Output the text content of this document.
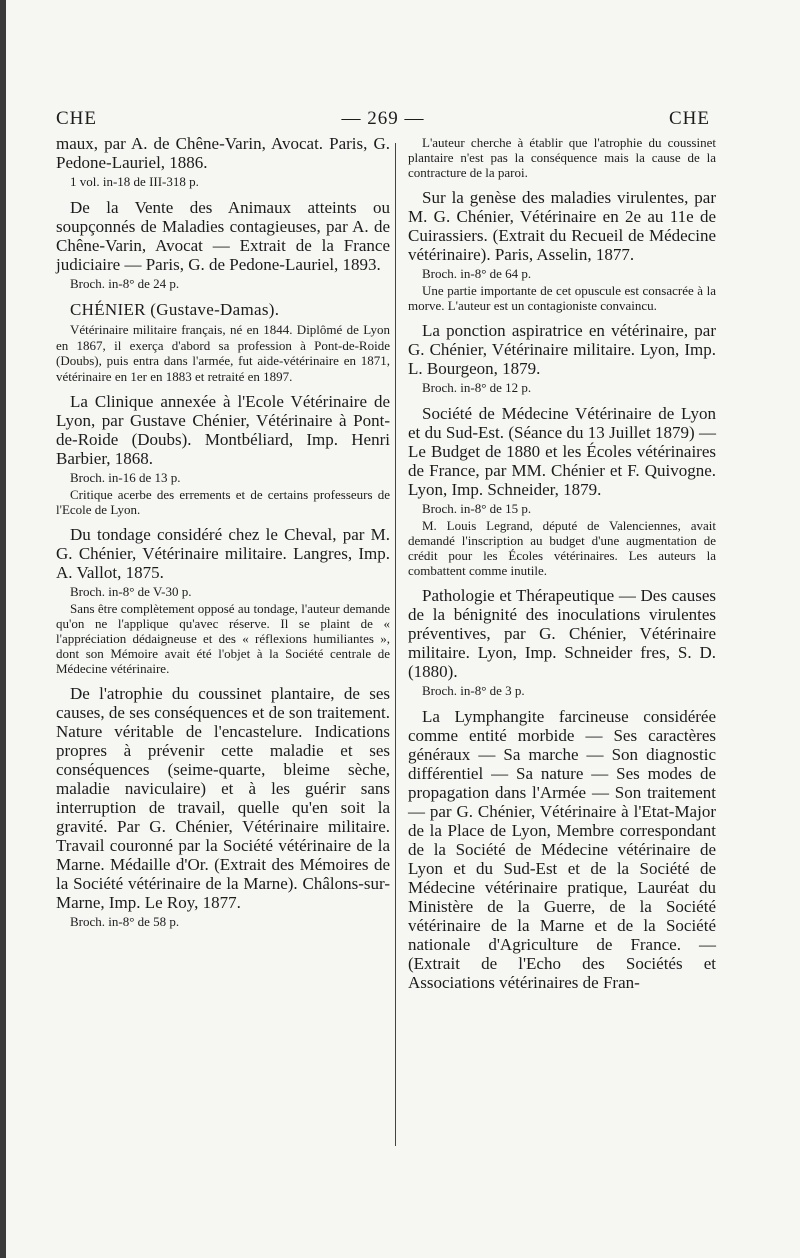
CHE	— 269 —	CHE

maux, par A. de Chêne-Varin, Avocat. Paris, G. Pedone-Lauriel, 1886.

1 vol. in-18 de III-318 p.

De la Vente des Animaux atteints ou soupçonnés de Maladies contagieuses, par A. de Chêne-Varin, Avocat — Extrait de la France judiciaire — Paris, G. de Pedone-Lauriel, 1893.

Broch. in-8° de 24 p.

CHÉNIER (Gustave-Damas).

Vétérinaire militaire français, né en 1844. Diplômé de Lyon en 1867, il exerça d'abord sa profession à Pont-de-Roide (Doubs), puis entra dans l'armée, fut aide-vétérinaire en 1871, vétérinaire en 1er en 1883 et retraité en 1897.

La Clinique annexée à l'Ecole Vétérinaire de Lyon, par Gustave Chénier, Vétérinaire à Pont-de-Roide (Doubs). Montbéliard, Imp. Henri Barbier, 1868.

Broch. in-16 de 13 p.

Critique acerbe des errements et de certains professeurs de l'Ecole de Lyon.

Du tondage considéré chez le Cheval, par M. G. Chénier, Vétérinaire militaire. Langres, Imp. A. Vallot, 1875.

Broch. in-8° de V-30 p.

Sans être complètement opposé au tondage, l'auteur demande qu'on ne l'applique qu'avec réserve. Il se plaint de « l'appréciation dédaigneuse et des « réflexions humiliantes », dont son Mémoire avait été l'objet à la Société centrale de Médecine vétérinaire.

De l'atrophie du coussinet plantaire, de ses causes, de ses conséquences et de son traitement. Nature véritable de l'encastelure. Indications propres à prévenir cette maladie et ses conséquences (seime-quarte, bleime sèche, maladie naviculaire) et à les guérir sans interruption de travail, quelle qu'en soit la gravité. Par G. Chénier, Vétérinaire militaire. Travail couronné par la Société vétérinaire de la Marne. Médaille d'Or. (Extrait des Mémoires de la Société vétérinaire de la Marne). Châlons-sur-Marne, Imp. Le Roy, 1877.

Broch. in-8° de 58 p.

L'auteur cherche à établir que l'atrophie du coussinet plantaire n'est pas la conséquence mais la cause de la contracture de la paroi.

Sur la genèse des maladies virulentes, par M. G. Chénier, Vétérinaire en 2e au 11e de Cuirassiers. (Extrait du Recueil de Médecine vétérinaire). Paris, Asselin, 1877.

Broch. in-8° de 64 p.

Une partie importante de cet opuscule est consacrée à la morve. L'auteur est un contagioniste convaincu.

La ponction aspiratrice en vétérinaire, par G. Chénier, Vétérinaire militaire. Lyon, Imp. L. Bourgeon, 1879.

Broch. in-8° de 12 p.

Société de Médecine Vétérinaire de Lyon et du Sud-Est. (Séance du 13 Juillet 1879) — Le Budget de 1880 et les Écoles vétérinaires de France, par MM. Chénier et F. Quivogne. Lyon, Imp. Schneider, 1879.

Broch. in-8° de 15 p.

M. Louis Legrand, député de Valenciennes, avait demandé l'inscription au budget d'une augmentation de crédit pour les Écoles vétérinaires. Les auteurs la combattent comme inutile.

Pathologie et Thérapeutique — Des causes de la bénignité des inoculations virulentes préventives, par G. Chénier, Vétérinaire militaire. Lyon, Imp. Schneider fres, S. D. (1880).

Broch. in-8° de 3 p.

La Lymphangite farcineuse considérée comme entité morbide — Ses caractères généraux — Sa marche — Son diagnostic différentiel — Sa nature — Ses modes de propagation dans l'Armée — Son traitement — par G. Chénier, Vétérinaire à l'Etat-Major de la Place de Lyon, Membre correspondant de la Société de Médecine vétérinaire de Lyon et du Sud-Est et de la Société de Médecine vétérinaire pratique, Lauréat du Ministère de la Guerre, de la Société vétérinaire de la Marne et de la Société nationale d'Agriculture de France. — (Extrait de l'Echo des Sociétés et Associations vétérinaires de Fran-
